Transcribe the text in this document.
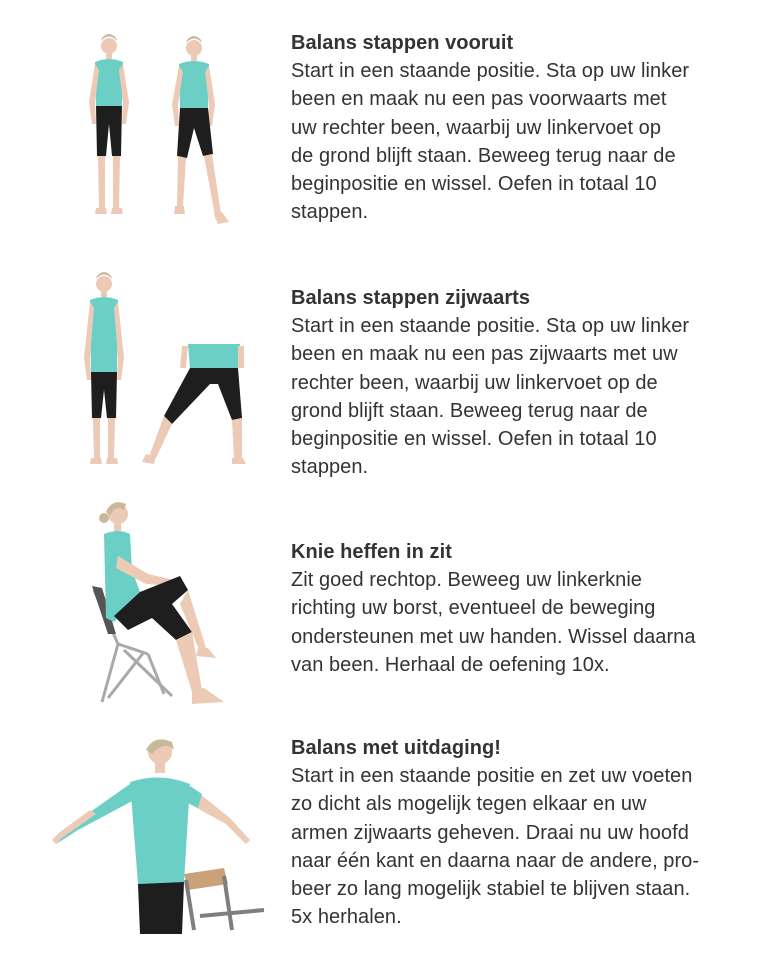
Balans stappen vooruit
Start in een staande positie. Sta op uw linker
been en maak nu een pas voorwaarts met
uw rechter been, waarbij uw linkervoet op
de grond blijft staan. Beweeg terug naar de
beginpositie en wissel. Oefen in totaal 10
stappen.
Balans stappen zijwaarts
Start in een staande positie. Sta op uw linker
been en maak nu een pas zijwaarts met uw
rechter been, waarbij uw linkervoet op de
grond blijft staan. Beweeg terug naar de
beginpositie en wissel. Oefen in totaal 10
stappen.
Knie heffen in zit
Zit goed rechtop. Beweeg uw linkerknie
richting uw borst, eventueel de beweging
ondersteunen met uw handen. Wissel daarna
van been. Herhaal de oefening 10x.
Balans met uitdaging!
Start in een staande positie en zet uw voeten
zo dicht als mogelijk tegen elkaar en uw
armen zijwaarts geheven. Draai nu uw hoofd
naar één kant en daarna naar de andere, pro-
beer zo lang mogelijk stabiel te blijven staan.
5x herhalen.
